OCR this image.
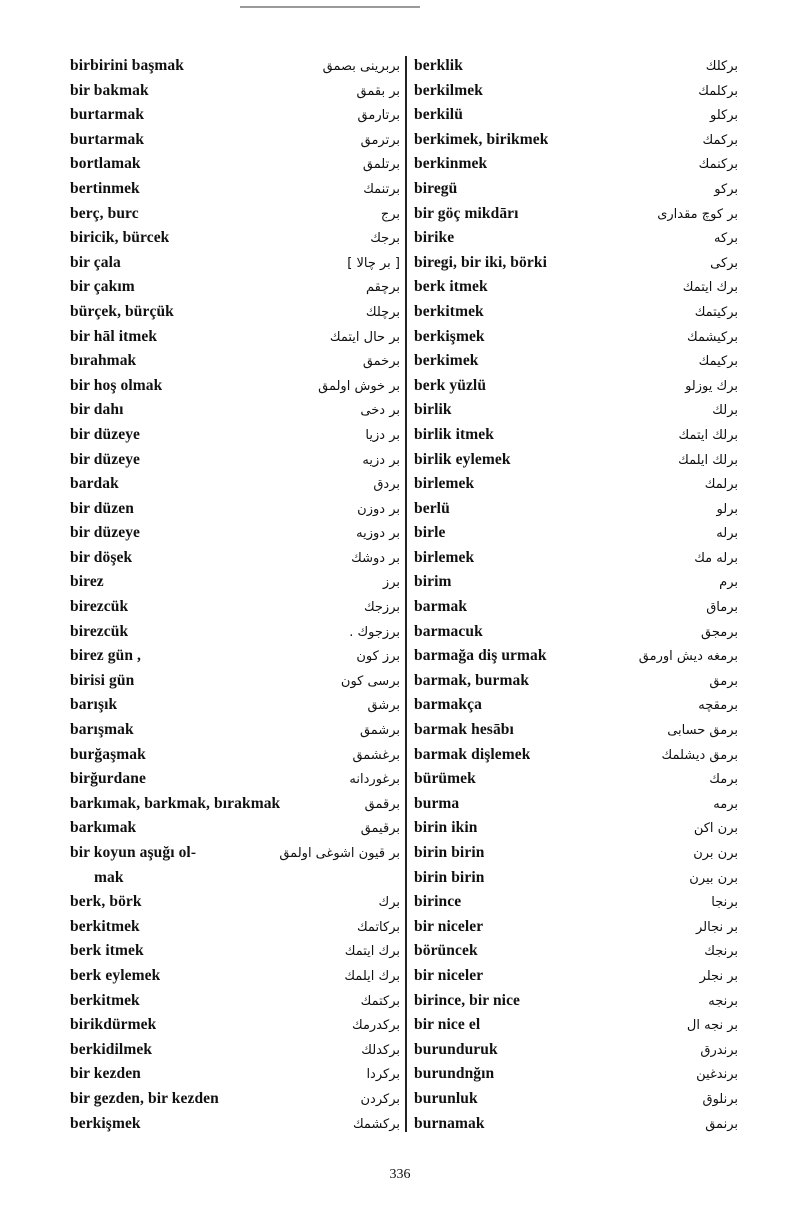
birbirini başmak	بربرینی بصمق
bir bakmak	بر بقمق
burtarmak	برتارمق
burtarmak	برترمق
bortlamak	برتلمق
bertinmek	برتنمك
berç, burc	برج
biricik, bürcek	برجك
bir çala	[ بر چالا ]
bir çakım	برچقم
bürçek, bürçük	برچلك
bir hāl itmek	بر حال ایتمك
bırahmak	برخمق
bir hoş olmak	بر خوش اولمق
bir dahı	بر دخی
bir düzeye	بر دزیا
bir düzeye	بر دزیه
bardak	بردق
bir düzen	بر دوزن
bir düzeye	بر دوزیه
bir döşek	بر دوشك
birez	برز
birezcük	برزجك
birezcük	برزجوك .
birez gün ,	برز كون
birisi gün	برسی كون
barışık	برشق
barışmak	برشمق
burğaşmak	برغشمق
birğurdane	برغوردانه
barkımak, barkmak, bırakmak	برقمق
barkımak	برقیمق
bir koyun aşuğı ol-	بر قیون اشوغی اولمق
mak
berk, börk	برك
berkitmek	بركاتمك
berk itmek	برك ایتمك
berk eylemek	برك ایلمك
berkitmek	بركتمك
birikdürmek	بركدرمك
berkidilmek	بركدلك
bir kezden	بركردا
bir gezden, bir kezden	بركردن
berkişmek	بركشمك
berklik	بركلك
berkilmek	بركلمك
berkilü	بركلو
berkimek, birikmek	بركمك
berkinmek	بركنمك
biregü	بركو
bir göç mikdārı	بر كوچ مقداری
birike	بركه
biregi, bir iki, börki	بركی
berk itmek	برك ایتمك
berkitmek	بركیتمك
berkişmek	بركیشمك
berkimek	بركیمك
berk yüzlü	برك یوزلو
birlik	برلك
birlik itmek	برلك ایتمك
birlik eylemek	برلك ایلمك
birlemek	برلمك
berlü	برلو
birle	برله
birlemek	برله مك
birim	برم
barmak	برماق
barmacuk	برمجق
barmağa diş urmak	برمغه دیش اورمق
barmak, burmak	برمق
barmakça	برمقچه
barmak hesābı	برمق حسابی
barmak dişlemek	برمق دیشلمك
bürümek	برمك
burma	برمه
birin ikin	برن اكن
birin birin	برن برن
birin birin	برن بیرن
birince	برنجا
bir niceler	بر نجالر
börüncek	برنجك
bir niceler	بر نجلر
birince, bir nice	برنجه
bir nice el	بر نجه ال
burunduruk	برندرق
burundnğın	برندغین
burunluk	برنلوق
burnamak	برنمق
336
